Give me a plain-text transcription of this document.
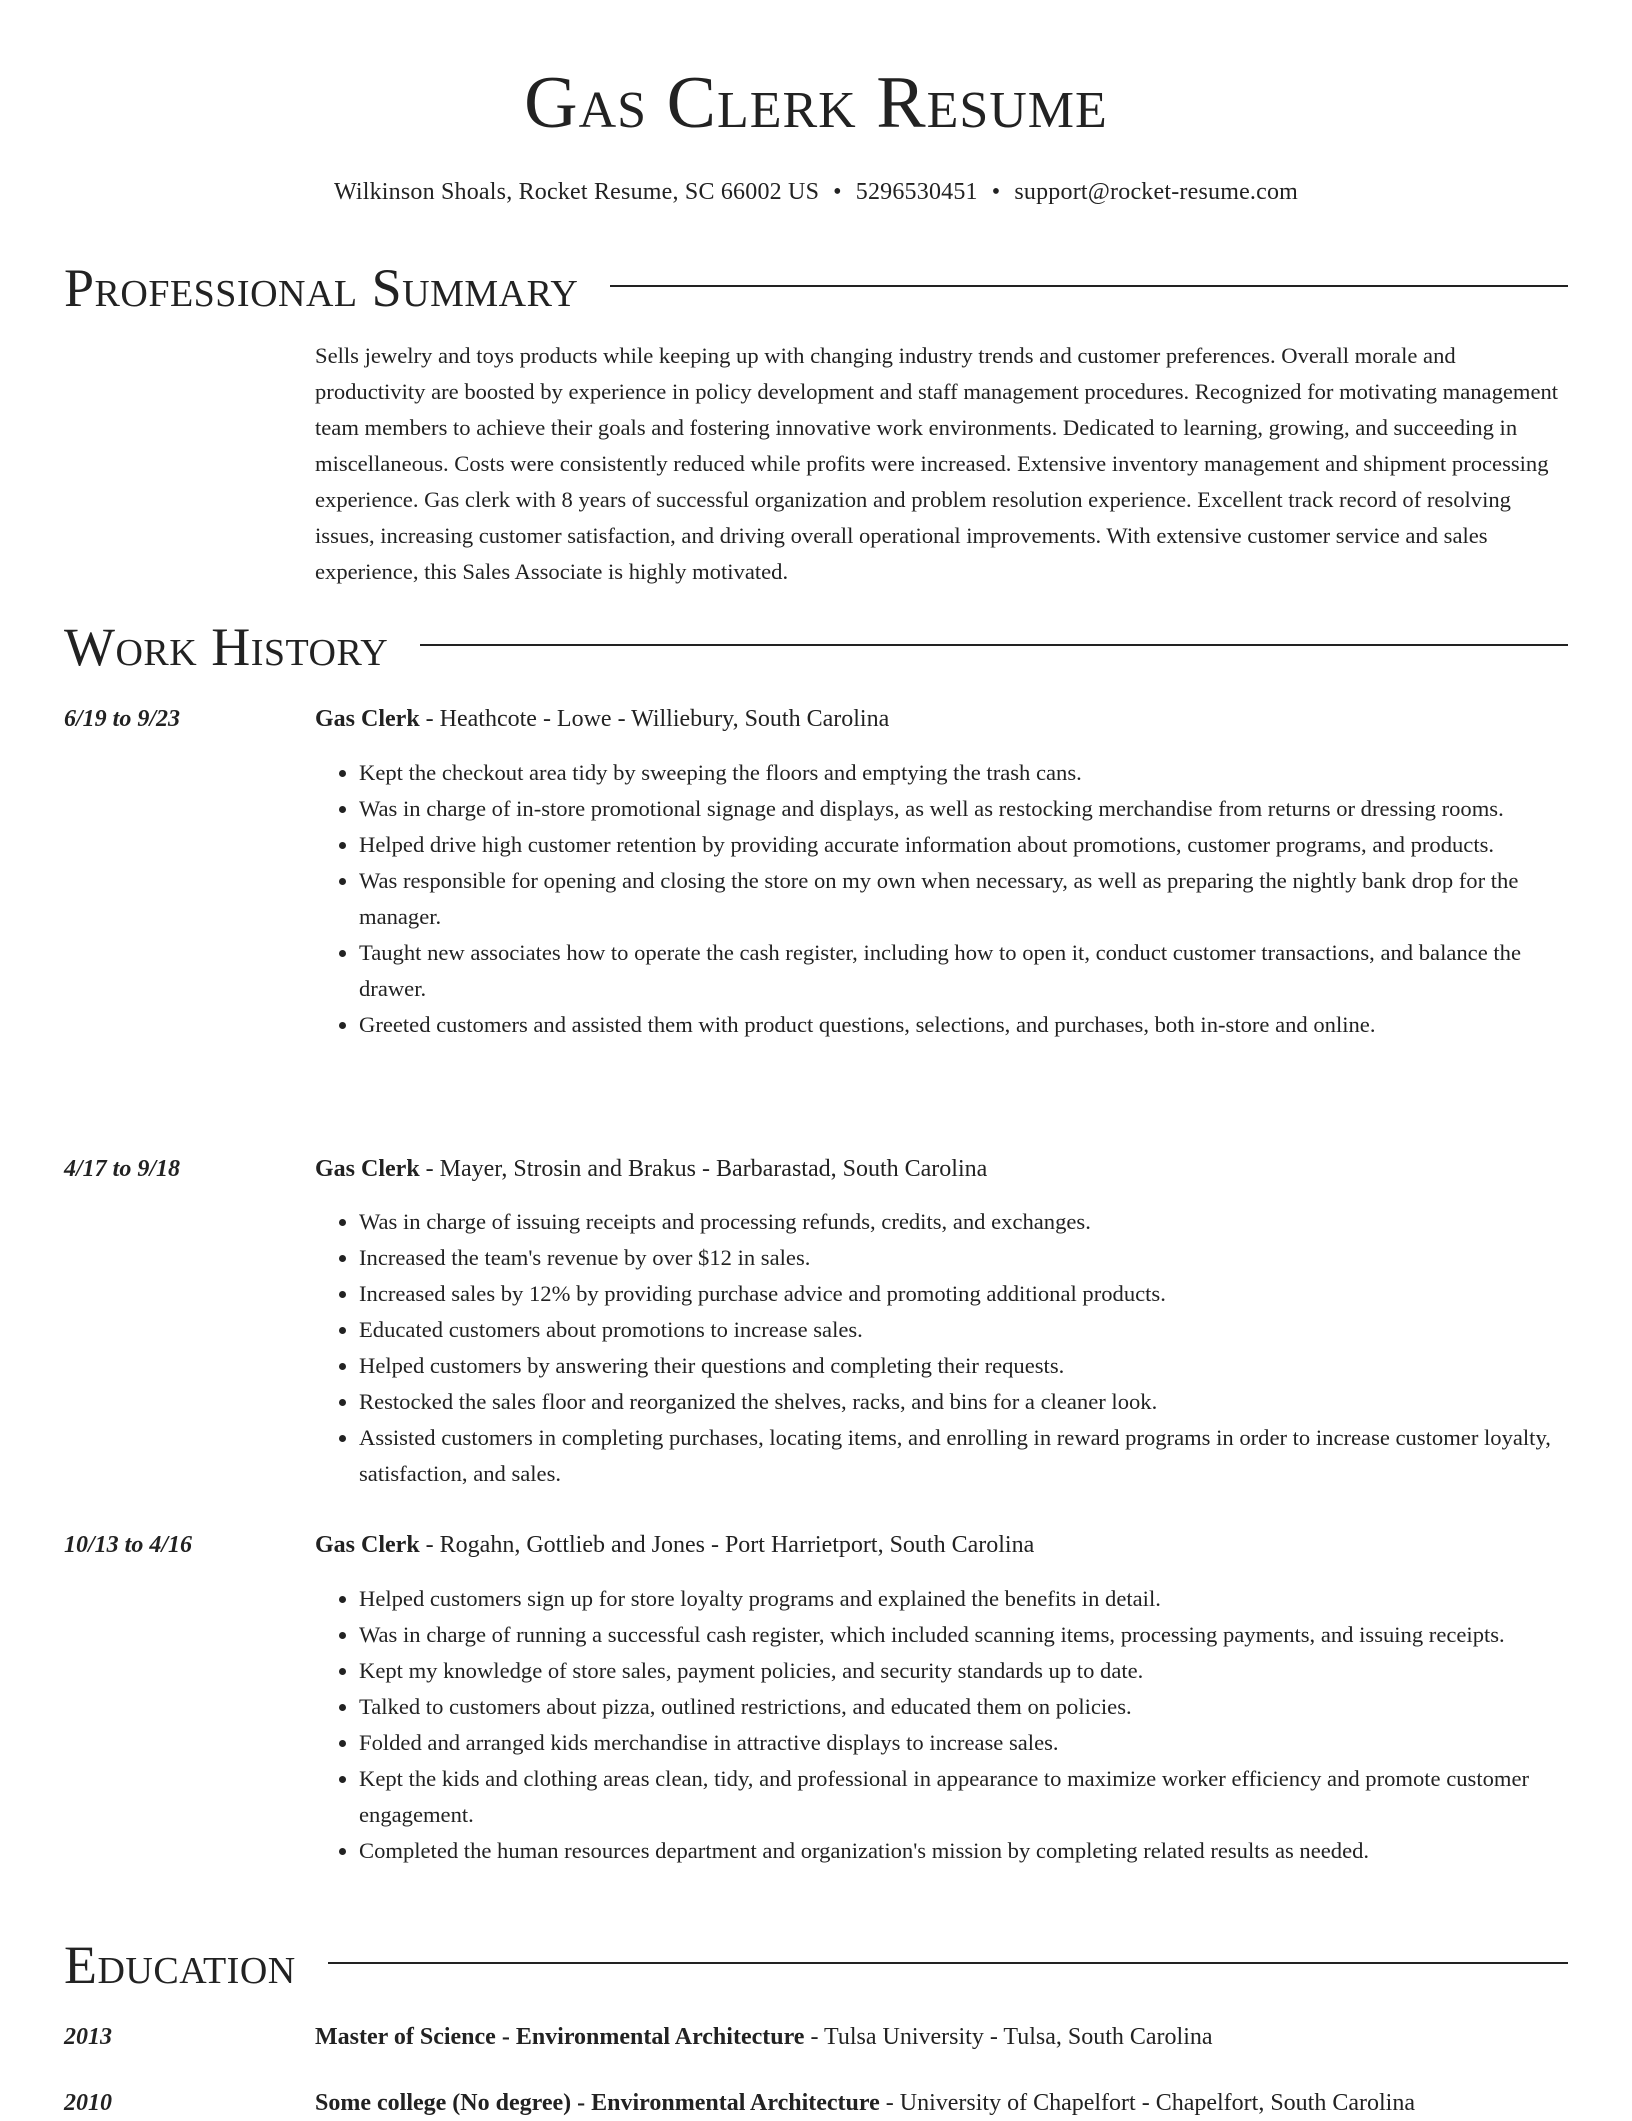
Gas Clerk Resume
Wilkinson Shoals, Rocket Resume, SC 66002 US • 5296530451 • support@rocket-resume.com
Professional Summary

Sells jewelry and toys products while keeping up with changing industry trends and customer preferences. Overall morale and productivity are boosted by experience in policy development and staff management procedures. Recognized for motivating management team members to achieve their goals and fostering innovative work environments. Dedicated to learning, growing, and succeeding in miscellaneous. Costs were consistently reduced while profits were increased. Extensive inventory management and shipment processing experience. Gas clerk with 8 years of successful organization and problem resolution experience. Excellent track record of resolving issues, increasing customer satisfaction, and driving overall operational improvements. With extensive customer service and sales experience, this Sales Associate is highly motivated.

Work History
6/19 to 9/23	Gas Clerk - Heathcote - Lowe - Williebury, South Carolina
• Kept the checkout area tidy by sweeping the floors and emptying the trash cans.
• Was in charge of in-store promotional signage and displays, as well as restocking merchandise from returns or dressing rooms.
• Helped drive high customer retention by providing accurate information about promotions, customer programs, and products.
• Was responsible for opening and closing the store on my own when necessary, as well as preparing the nightly bank drop for the manager.
• Taught new associates how to operate the cash register, including how to open it, conduct customer transactions, and balance the drawer.
• Greeted customers and assisted them with product questions, selections, and purchases, both in-store and online.
4/17 to 9/18	Gas Clerk - Mayer, Strosin and Brakus - Barbarastad, South Carolina
• Was in charge of issuing receipts and processing refunds, credits, and exchanges.
• Increased the team's revenue by over $12 in sales.
• Increased sales by 12% by providing purchase advice and promoting additional products.
• Educated customers about promotions to increase sales.
• Helped customers by answering their questions and completing their requests.
• Restocked the sales floor and reorganized the shelves, racks, and bins for a cleaner look.
• Assisted customers in completing purchases, locating items, and enrolling in reward programs in order to increase customer loyalty, satisfaction, and sales.
10/13 to 4/16	Gas Clerk - Rogahn, Gottlieb and Jones - Port Harrietport, South Carolina
• Helped customers sign up for store loyalty programs and explained the benefits in detail.
• Was in charge of running a successful cash register, which included scanning items, processing payments, and issuing receipts.
• Kept my knowledge of store sales, payment policies, and security standards up to date.
• Talked to customers about pizza, outlined restrictions, and educated them on policies.
• Folded and arranged kids merchandise in attractive displays to increase sales.
• Kept the kids and clothing areas clean, tidy, and professional in appearance to maximize worker efficiency and promote customer engagement.
• Completed the human resources department and organization's mission by completing related results as needed.
Education
2013	Master of Science - Environmental Architecture - Tulsa University - Tulsa, South Carolina
2010	Some college (No degree) - Environmental Architecture - University of Chapelfort - Chapelfort, South Carolina
